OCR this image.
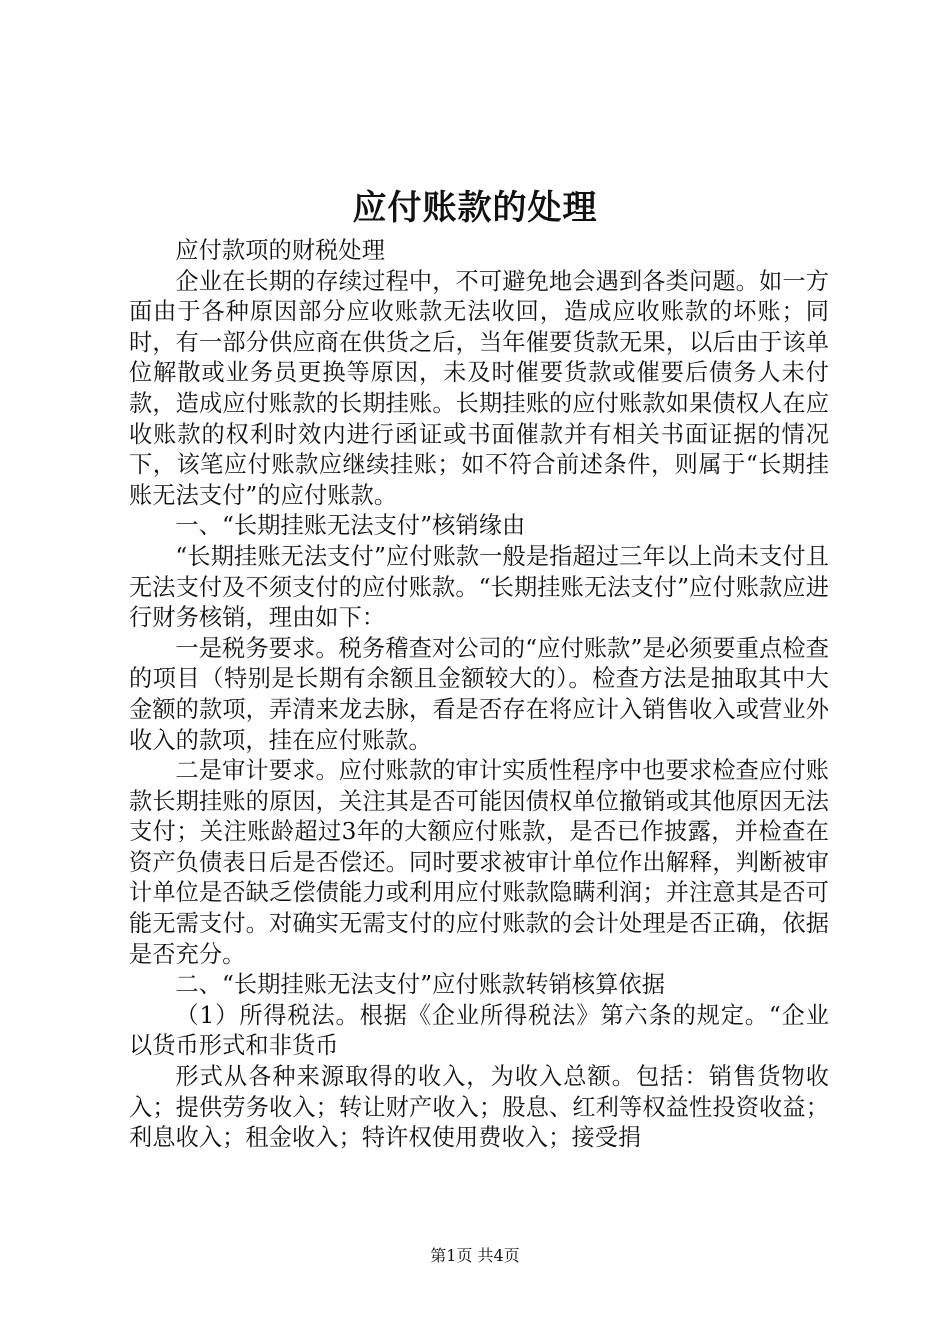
应付账款的处理

应付款项的财税处理

企业在长期的存续过程中，不可避免地会遇到各类问题。如一方面由于各种原因部分应收账款无法收回，造成应收账款的坏账；同时，有一部分供应商在供货之后，当年催要货款无果，以后由于该单位解散或业务员更换等原因，未及时催要货款或催要后债务人未付款，造成应付账款的长期挂账。长期挂账的应付账款如果债权人在应收账款的权利时效内进行函证或书面催款并有相关书面证据的情况下，该笔应付账款应继续挂账；如不符合前述条件，则属于“长期挂账无法支付”的应付账款。

一、“长期挂账无法支付”核销缘由

“长期挂账无法支付”应付账款一般是指超过三年以上尚未支付且无法支付及不须支付的应付账款。“长期挂账无法支付”应付账款应进行财务核销，理由如下：

一是税务要求。税务稽查对公司的“应付账款”是必须要重点检查的项目（特别是长期有余额且金额较大的）。检查方法是抽取其中大金额的款项，弄清来龙去脉，看是否存在将应计入销售收入或营业外收入的款项，挂在应付账款。

二是审计要求。应付账款的审计实质性程序中也要求检查应付账款长期挂账的原因，关注其是否可能因债权单位撤销或其他原因无法支付；关注账龄超过3年的大额应付账款，是否已作披露，并检查在资产负债表日后是否偿还。同时要求被审计单位作出解释，判断被审计单位是否缺乏偿债能力或利用应付账款隐瞒利润；并注意其是否可能无需支付。对确实无需支付的应付账款的会计处理是否正确，依据是否充分。

二、“长期挂账无法支付”应付账款转销核算依据

（1）所得税法。根据《企业所得税法》第六条的规定。“企业以货币形式和非货币

形式从各种来源取得的收入，为收入总额。包括：销售货物收入；提供劳务收入；转让财产收入；股息、红利等权益性投资收益；利息收入；租金收入；特许权使用费收入；接受捐

第1页 共4页
